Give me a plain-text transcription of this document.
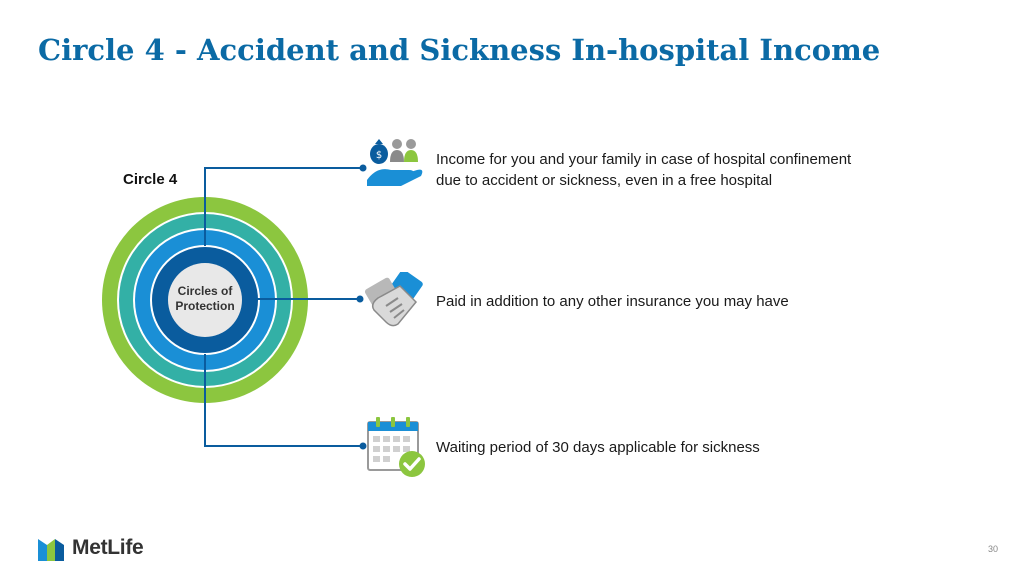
Circle 4 - Accident and Sickness In-hospital Income
Circle 4
Circles of
Protection
$	Income for you and your family in case of hospital confinement
due to accident or sickness, even in a free hospital
Paid in addition to any other insurance you may have
Waiting period of 30 days applicable for sickness
MetLife	30
